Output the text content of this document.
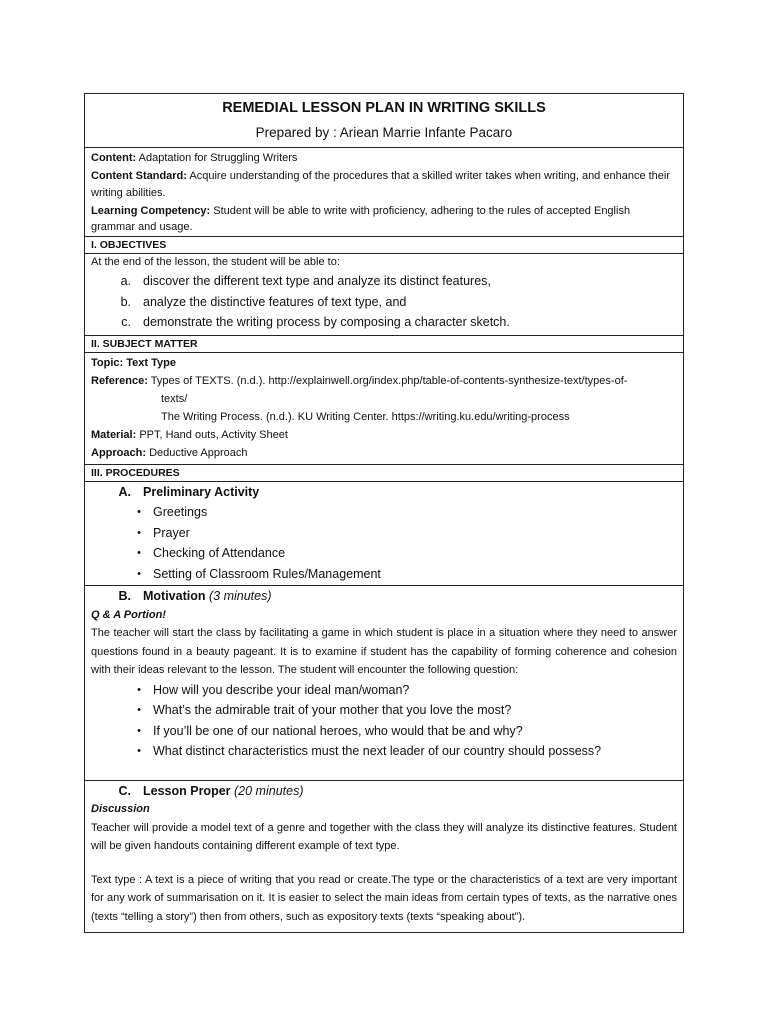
REMEDIAL LESSON PLAN IN WRITING SKILLS
Prepared by : Ariean Marrie Infante Pacaro
Content: Adaptation for Struggling Writers
Content Standard: Acquire understanding of the procedures that a skilled writer takes when writing, and enhance their writing abilities.
Learning Competency: Student will be able to write with proficiency, adhering to the rules of accepted English grammar and usage.
I. OBJECTIVES
At the end of the lesson, the student will be able to:
a. discover the different text type and analyze its distinct features,
b. analyze the distinctive features of text type, and
c. demonstrate the writing process by composing a character sketch.
II. SUBJECT MATTER
Topic: Text Type
Reference: Types of TEXTS. (n.d.). http://explainwell.org/index.php/table-of-contents-synthesize-text/types-of-
texts/
The Writing Process. (n.d.). KU Writing Center. https://writing.ku.edu/writing-process
Material: PPT, Hand outs, Activity Sheet
Approach: Deductive Approach
III. PROCEDURES
A. Preliminary Activity
• Greetings
• Prayer
• Checking of Attendance
• Setting of Classroom Rules/Management
B. Motivation (3 minutes)
Q & A Portion!
The teacher will start the class by facilitating a game in which student is place in a situation where they need to answer questions found in a beauty pageant. It is to examine if student has the capability of forming coherence and cohesion with their ideas relevant to the lesson. The student will encounter the following question:
• How will you describe your ideal man/woman?
• What’s the admirable trait of your mother that you love the most?
• If you’ll be one of our national heroes, who would that be and why?
• What distinct characteristics must the next leader of our country should possess?
C. Lesson Proper (20 minutes)
Discussion
Teacher will provide a model text of a genre and together with the class they will analyze its distinctive features. Student will be given handouts containing different example of text type.
Text type : A text is a piece of writing that you read or create.The type or the characteristics of a text are very important for any work of summarisation on it. It is easier to select the main ideas from certain types of texts, as the narrative ones (texts “telling a story”) then from others, such as expository texts (texts “speaking about”).
